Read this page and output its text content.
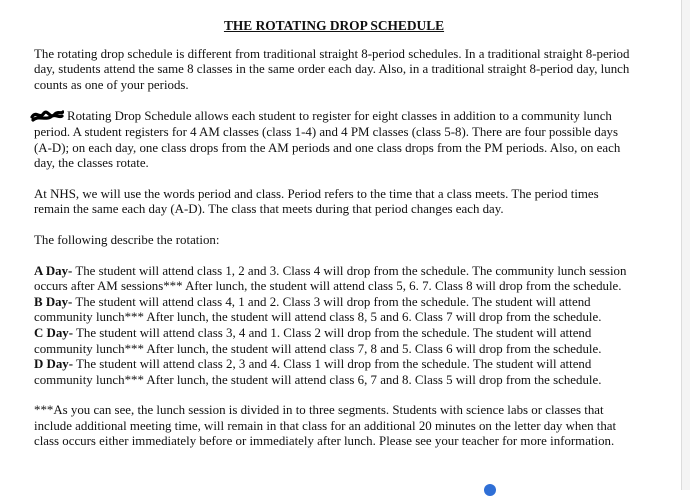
THE ROTATING DROP SCHEDULE

The rotating drop schedule is different from traditional straight 8-period schedules. In a traditional straight 8-period day, students attend the same 8 classes in the same order each day. Also, in a traditional straight 8-period day, lunch counts as one of your periods.

Rotating Drop Schedule allows each student to register for eight classes in addition to a community lunch period. A student registers for 4 AM classes (class 1-4) and 4 PM classes (class 5-8). There are four possible days (A-D); on each day, one class drops from the AM periods and one class drops from the PM periods. Also, on each day, the classes rotate.

At NHS, we will use the words period and class. Period refers to the time that a class meets. The period times remain the same each day (A-D). The class that meets during that period changes each day.

The following describe the rotation:

A Day- The student will attend class 1, 2 and 3. Class 4 will drop from the schedule. The community lunch session occurs after AM sessions*** After lunch, the student will attend class 5, 6. 7. Class 8 will drop from the schedule.

B Day- The student will attend class 4, 1 and 2. Class 3 will drop from the schedule. The student will attend community lunch*** After lunch, the student will attend class 8, 5 and 6. Class 7 will drop from the schedule.

C Day- The student will attend class 3, 4 and 1. Class 2 will drop from the schedule. The student will attend community lunch*** After lunch, the student will attend class 7, 8 and 5. Class 6 will drop from the schedule.

D Day- The student will attend class 2, 3 and 4. Class 1 will drop from the schedule. The student will attend community lunch*** After lunch, the student will attend class 6, 7 and 8. Class 5 will drop from the schedule.

***As you can see, the lunch session is divided in to three segments. Students with science labs or classes that include additional meeting time, will remain in that class for an additional 20 minutes on the letter day when that class occurs either immediately before or immediately after lunch. Please see your teacher for more information.
